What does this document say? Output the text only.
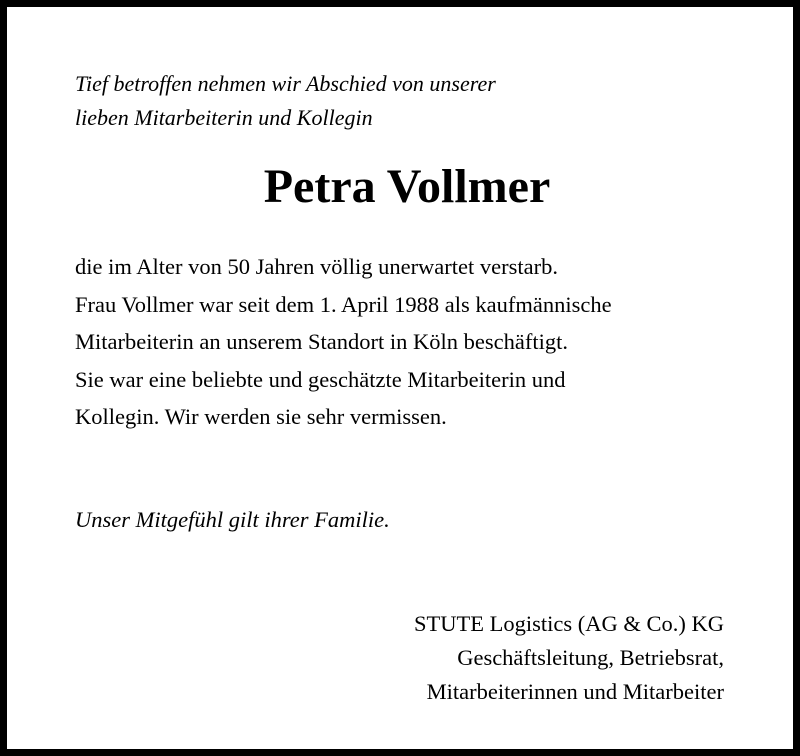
Tief betroffen nehmen wir Abschied von unserer
lieben Mitarbeiterin und Kollegin
Petra Vollmer
die im Alter von 50 Jahren völlig unerwartet verstarb.
Frau Vollmer war seit dem 1. April 1988 als kaufmännische
Mitarbeiterin an unserem Standort in Köln beschäftigt.
Sie war eine beliebte und geschätzte Mitarbeiterin und
Kollegin. Wir werden sie sehr vermissen.
Unser Mitgefühl gilt ihrer Familie.
STUTE Logistics (AG & Co.) KG
Geschäftsleitung, Betriebsrat,
Mitarbeiterinnen und Mitarbeiter
